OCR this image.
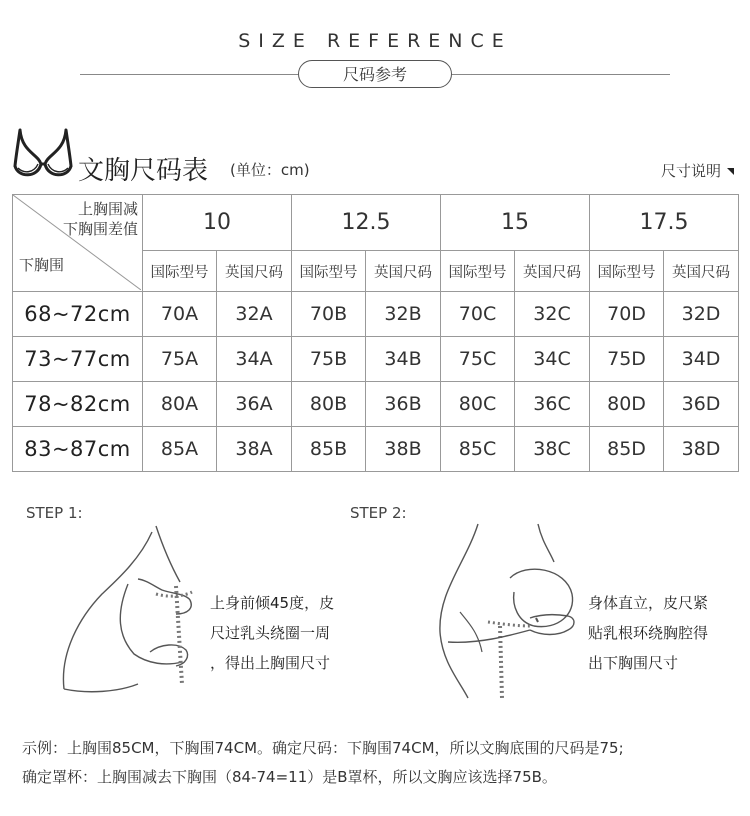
SIZE REFERENCE
尺码参考
文胸尺码表 (单位：cm)	尺寸说明
上胸围减
下胸围差值
下胸围	10		12.5		15		17.5	
	国际型号	英国尺码	国际型号	英国尺码	国际型号	英国尺码	国际型号	英国尺码
68~72cm	70A	32A	70B	32B	70C	32C	70D	32D
73~77cm	75A	34A	75B	34B	75C	34C	75D	34D
78~82cm	80A	36A	80B	36B	80C	36C	80D	36D
83~87cm	85A	38A	85B	38B	85C	38C	85D	38D
STEP 1:
上身前倾45度，皮
尺过乳头绕圈一周
，得出上胸围尺寸
STEP 2:
身体直立，皮尺紧
贴乳根环绕胸腔得
出下胸围尺寸
示例：上胸围85CM，下胸围74CM。确定尺码：下胸围74CM，所以文胸底围的尺码是75;
确定罩杯：上胸围减去下胸围（84-74=11）是B罩杯，所以文胸应该选择75B。
